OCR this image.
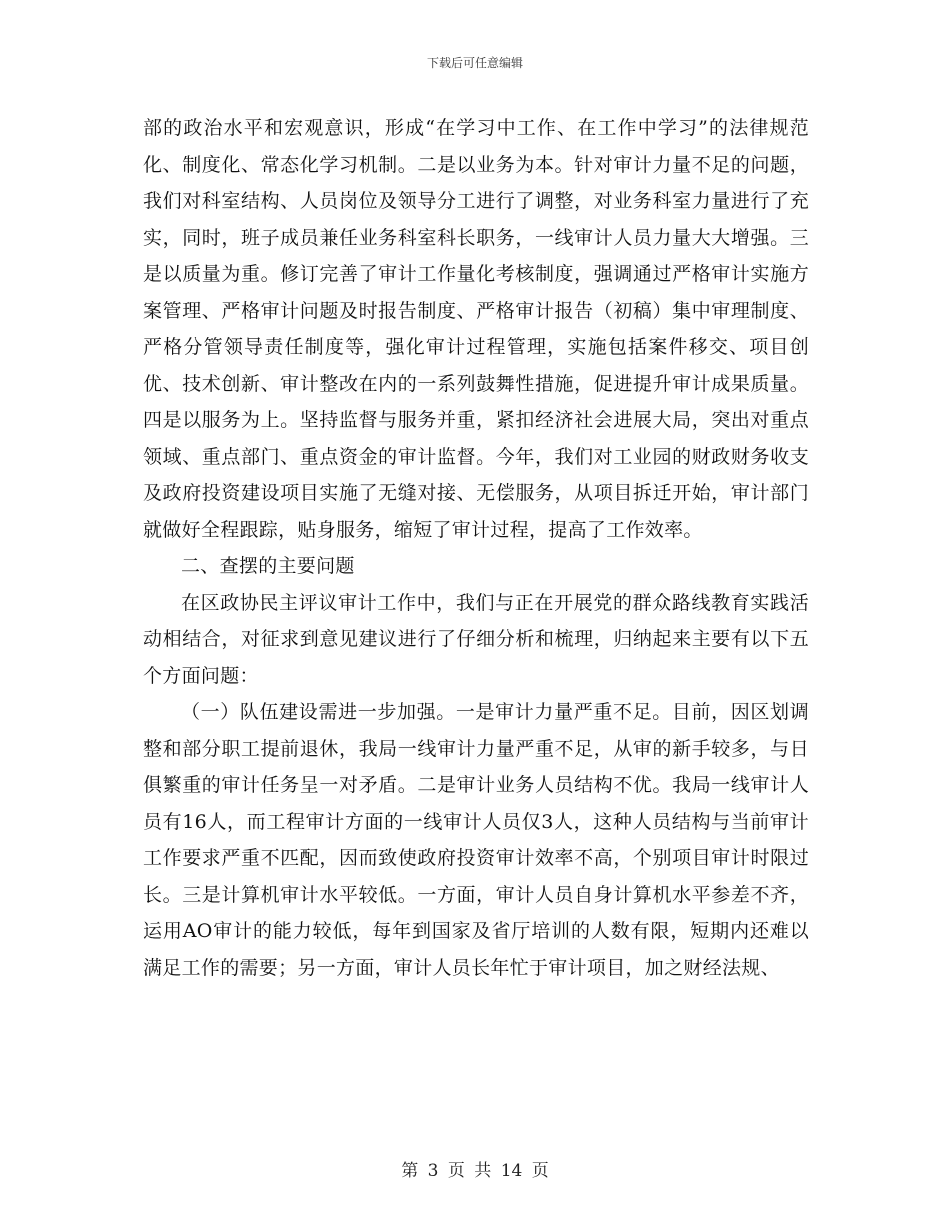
下载后可任意编辑

部的政治水平和宏观意识，形成“在学习中工作、在工作中学习”的法律规范化、制度化、常态化学习机制。二是以业务为本。针对审计力量不足的问题，我们对科室结构、人员岗位及领导分工进行了调整，对业务科室力量进行了充实，同时，班子成员兼任业务科室科长职务，一线审计人员力量大大增强。三是以质量为重。修订完善了审计工作量化考核制度，强调通过严格审计实施方案管理、严格审计问题及时报告制度、严格审计报告（初稿）集中审理制度、严格分管领导责任制度等，强化审计过程管理，实施包括案件移交、项目创优、技术创新、审计整改在内的一系列鼓舞性措施，促进提升审计成果质量。四是以服务为上。坚持监督与服务并重，紧扣经济社会进展大局，突出对重点领域、重点部门、重点资金的审计监督。今年，我们对工业园的财政财务收支及政府投资建设项目实施了无缝对接、无偿服务，从项目拆迁开始，审计部门就做好全程跟踪，贴身服务，缩短了审计过程，提高了工作效率。

二、查摆的主要问题

在区政协民主评议审计工作中，我们与正在开展党的群众路线教育实践活动相结合，对征求到意见建议进行了仔细分析和梳理，归纳起来主要有以下五个方面问题：

（一）队伍建设需进一步加强。一是审计力量严重不足。目前，因区划调整和部分职工提前退休，我局一线审计力量严重不足，从审的新手较多，与日俱繁重的审计任务呈一对矛盾。二是审计业务人员结构不优。我局一线审计人员有16人，而工程审计方面的一线审计人员仅3人，这种人员结构与当前审计工作要求严重不匹配，因而致使政府投资审计效率不高，个别项目审计时限过长。三是计算机审计水平较低。一方面，审计人员自身计算机水平参差不齐，运用AO审计的能力较低，每年到国家及省厅培训的人数有限，短期内还难以满足工作的需要；另一方面，审计人员长年忙于审计项目，加之财经法规、

第 3 页 共 14 页
